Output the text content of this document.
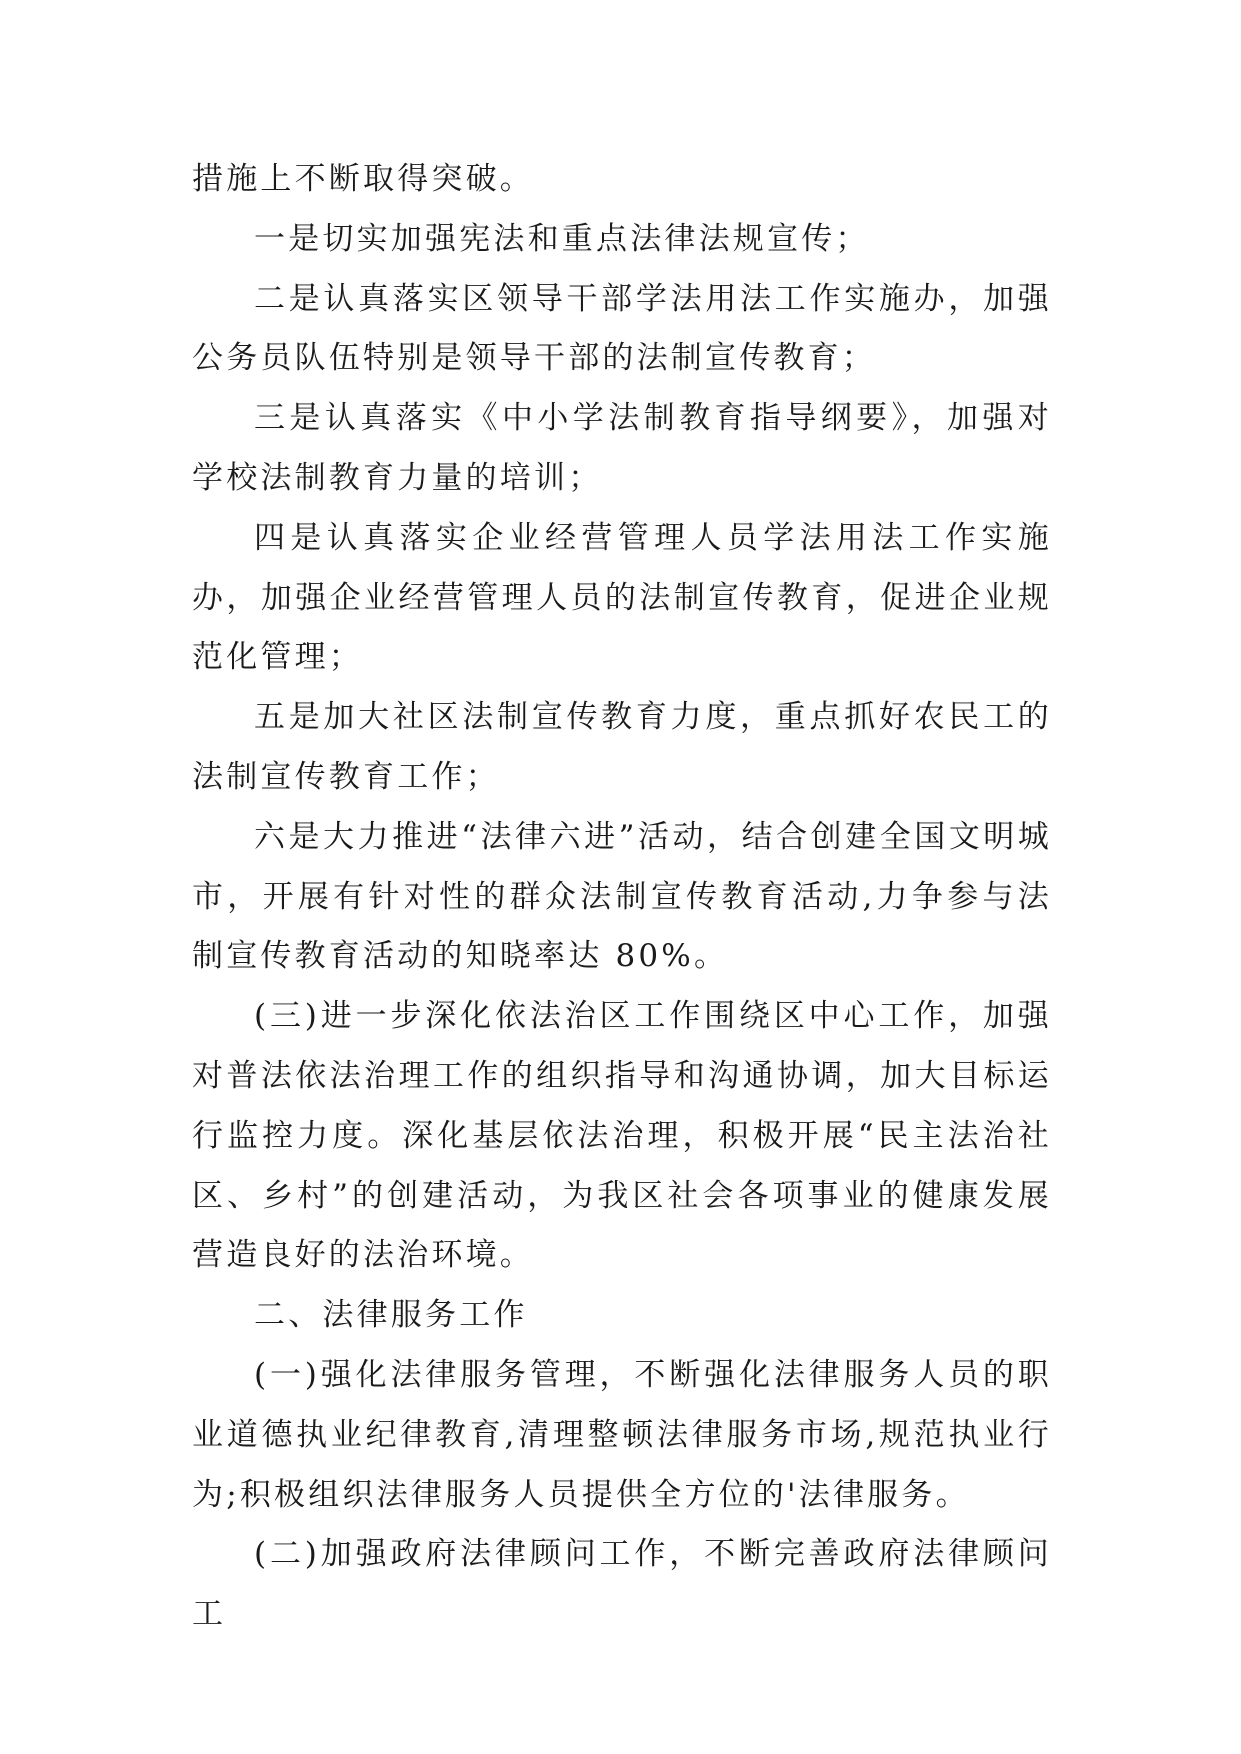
措施上不断取得突破。

一是切实加强宪法和重点法律法规宣传；

二是认真落实区领导干部学法用法工作实施办，加强公务员队伍特别是领导干部的法制宣传教育；

三是认真落实《中小学法制教育指导纲要》，加强对学校法制教育力量的培训；

四是认真落实企业经营管理人员学法用法工作实施办，加强企业经营管理人员的法制宣传教育，促进企业规范化管理；

五是加大社区法制宣传教育力度，重点抓好农民工的法制宣传教育工作；

六是大力推进“法律六进”活动，结合创建全国文明城市，开展有针对性的群众法制宣传教育活动,力争参与法制宣传教育活动的知晓率达 80%。

(三)进一步深化依法治区工作围绕区中心工作，加强对普法依法治理工作的组织指导和沟通协调，加大目标运行监控力度。深化基层依法治理，积极开展“民主法治社区、乡村”的创建活动，为我区社会各项事业的健康发展营造良好的法治环境。

二、法律服务工作

(一)强化法律服务管理，不断强化法律服务人员的职业道德执业纪律教育,清理整顿法律服务市场,规范执业行为;积极组织法律服务人员提供全方位的'法律服务。

(二)加强政府法律顾问工作，不断完善政府法律顾问工
